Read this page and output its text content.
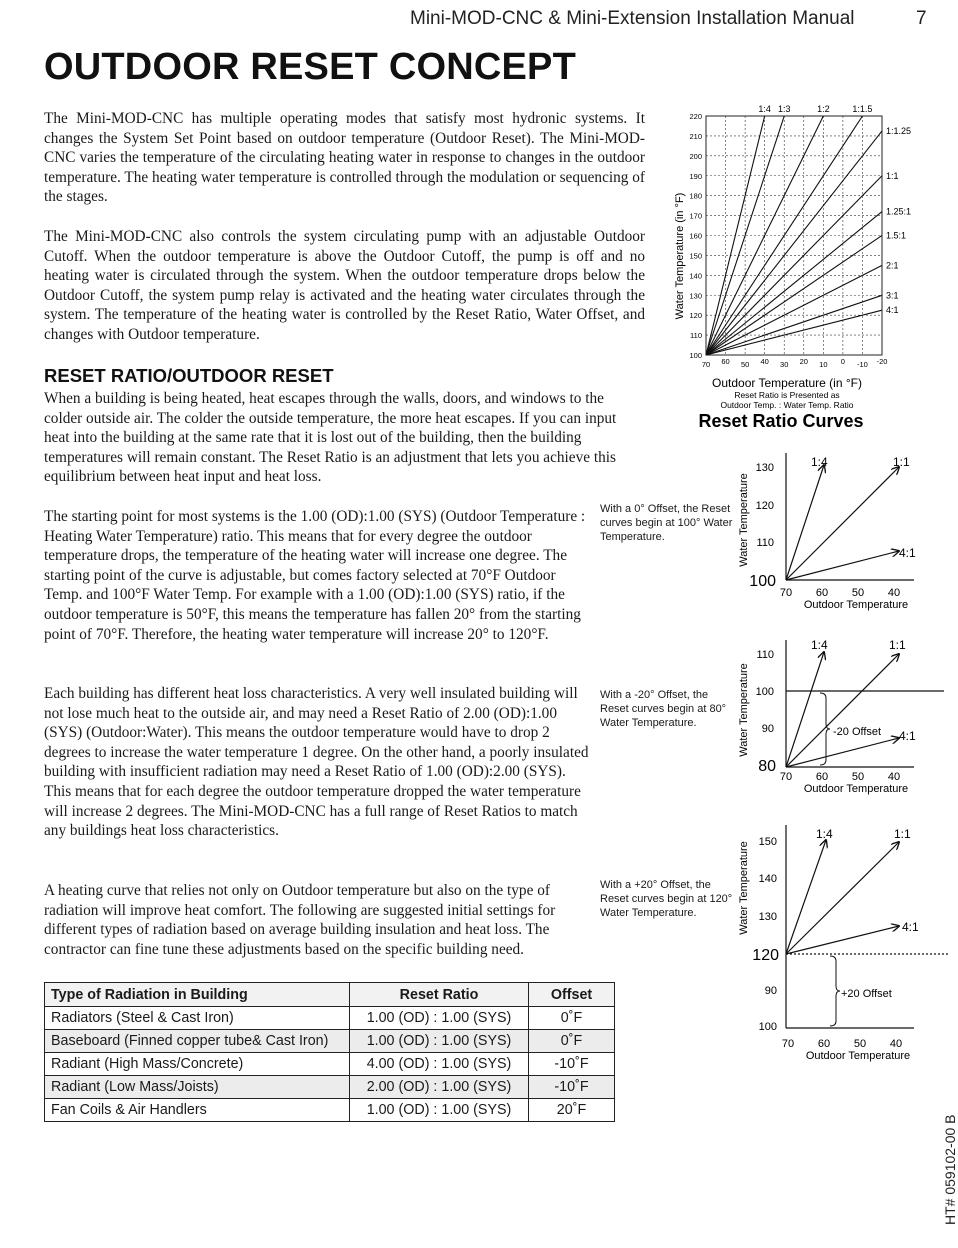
Mini-MOD-CNC & Mini-Extension Installation Manual	7
OUTDOOR RESET CONCEPT

The Mini-MOD-CNC has multiple operating modes that satisfy most hydronic systems. It changes the System Set Point based on outdoor temperature (Outdoor Reset). The Mini-MOD-CNC varies the temperature of the circulating heating water in response to changes in the outdoor temperature. The heating water temperature is controlled through the modulation or sequencing of the stages.

The Mini-MOD-CNC also controls the system circulating pump with an adjustable Outdoor Cutoff. When the outdoor temperature is above the Outdoor Cutoff, the pump is off and no heating water is circulated through the system. When the outdoor temperature drops below the Outdoor Cutoff, the system pump relay is activated and the heating water circulates through the system. The temperature of the heating water is controlled by the Reset Ratio, Water Offset, and changes with Outdoor temperature.

RESET RATIO/OUTDOOR RESET

When a building is being heated, heat escapes through the walls, doors, and windows to the colder outside air. The colder the outside temperature, the more heat escapes. If you can input heat into the building at the same rate that it is lost out of the building, then the building temperatures will remain constant. The Reset Ratio is an adjustment that lets you achieve this equilibrium between heat input and heat loss.

The starting point for most systems is the 1.00 (OD):1.00 (SYS) (Outdoor Temperature : Heating Water Temperature) ratio. This means that for every degree the outdoor temperature drops, the temperature of the heating water will increase one degree. The starting point of the curve is adjustable, but comes factory selected at 70°F Outdoor Temp. and 100°F Water Temp. For example with a 1.00 (OD):1.00 (SYS) ratio, if the outdoor temperature is 50°F, this means the temperature has fallen 20° from the starting point of 70°F. Therefore, the heating water temperature will increase 20° to 120°F.

Each building has different heat loss characteristics. A very well insulated building will not lose much heat to the outside air, and may need a Reset Ratio of 2.00 (OD):1.00 (SYS) (Outdoor:Water). This means the outdoor temperature would have to drop 2 degrees to increase the water temperature 1 degree. On the other hand, a poorly insulated building with insufficient radiation may need a Reset Ratio of 1.00 (OD):2.00 (SYS). This means that for each degree the outdoor temperature dropped the water temperature will increase 2 degrees. The Mini-MOD-CNC has a full range of Reset Ratios to match any buildings heat loss characteristics.

A heating curve that relies not only on Outdoor temperature but also on the type of radiation will improve heat comfort. The following are suggested initial settings for different types of radiation based on average building insulation and heat loss. The contractor can fine tune these adjustments based on the specific building need.

Type of Radiation in Building	Reset Ratio	Offset
Radiators (Steel & Cast Iron)	1.00 (OD) : 1.00 (SYS)	0˚F
Baseboard (Finned copper tube& Cast Iron)	1.00 (OD) : 1.00 (SYS)	0˚F
Radiant (High Mass/Concrete)	4.00 (OD) : 1.00 (SYS)	-10˚F
Radiant (Low Mass/Joists)	2.00 (OD) : 1.00 (SYS)	-10˚F
Fan Coils & Air Handlers	1.00 (OD) : 1.00 (SYS)	20˚F
70 60 50 40 30 20 10 0 -10 -20
100
110
120
130
140
150
160
170
180
190
200
210
220
1:4 1:3	1:2	1:1.5
1:1.25
1:1
1.25:1
1.5:1
2:1
3:1
4:1
Water Temperature (in °F)
Outdoor Temperature (in °F)
Reset Ratio is Presented as
Outdoor Temp. : Water Temp. Ratio
Reset Ratio Curves
With a 0° Offset, the Reset curves begin at 100° Water Temperature.
With a -20° Offset, the Reset curves begin at 80° Water Temperature.
With a +20° Offset, the Reset curves begin at 120° Water Temperature.
1:4	1:1
4:1
130
120
110
100
70 60 50 40
Outdoor Temperature
Water Temperature
-20 Offset
1:4	1:1
4:1
110
100
90
80
70 60 50 40
Outdoor Temperature
Water Temperature
+20 Offset
1:4	1:1
4:1
150
140
130
120
90
100
70 60 50 40
Outdoor Temperature
Water Temperature
HT# 059102-00 B
